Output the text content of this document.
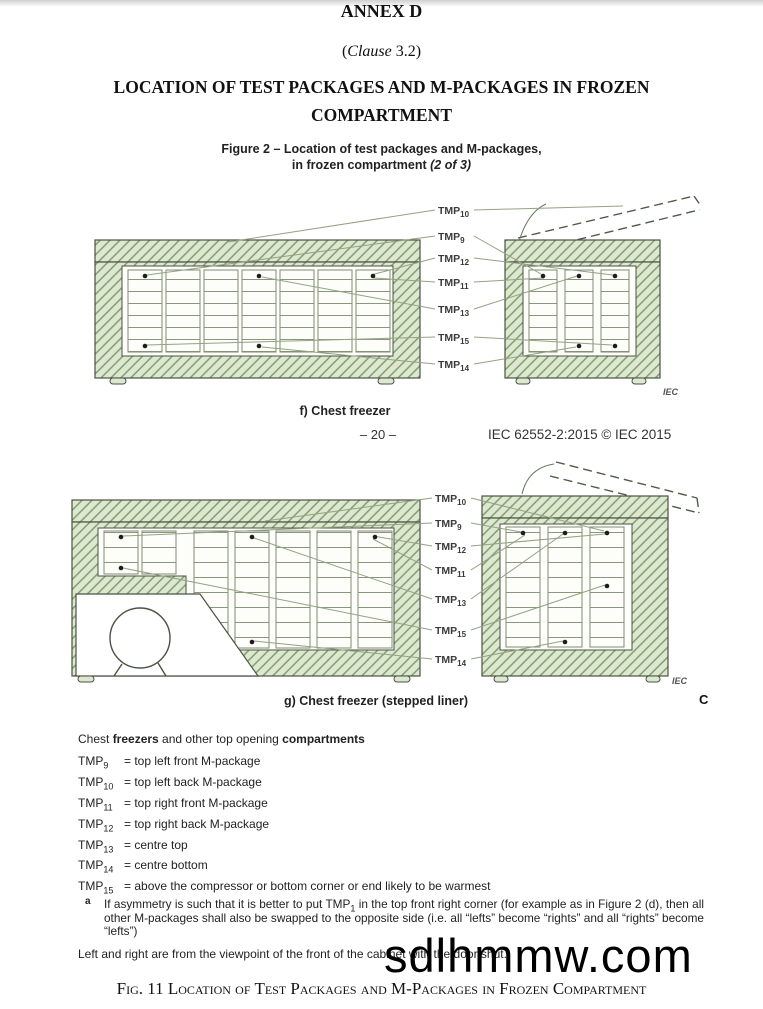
ANNEX D
(Clause 3.2)
LOCATION OF TEST PACKAGES AND M-PACKAGES IN FROZEN
COMPARTMENT
Figure 2 – Location of test packages and M-packages,
in frozen compartment (2 of 3)
$TMP_{10}$
$TMP_9$
$TMP_{12}$
$TMP_{11}$
$TMP_{13}$
$TMP_{15}$
$TMP_{14}$
IEC
f) Chest freezer
– 20 –	IEC 62552-2:2015 © IEC 2015
$TMP_{10}$
$TMP_9$
$TMP_{12}$
$TMP_{11}$
$TMP_{13}$
$TMP_{15}$
$TMP_{14}$
IEC
g) Chest freezer (stepped liner)	C
Chest freezers and other top opening compartments
$TMP_9$ = top left front M-package
$TMP_{10}$ = top left back M-package
$TMP_{11}$ = top right front M-package
$TMP_{12}$ = top right back M-package
$TMP_{13}$ = centre top
$TMP_{14}$ = centre bottom
$TMP_{15}$ = above the compressor or bottom corner or end likely to be warmest
a If asymmetry is such that it is better to put $TMP_1$ in the top front right corner (for example as in Figure 2 (d), then all other M-packages shall also be swapped to the opposite side (i.e. all “lefts” become “rights” and all “rights” become “lefts”)
Left and right are from the viewpoint of the front of the cabinet with the door shut.
sdlhmmw.com
Fig. 11 Location of Test Packages and M-Packages in Frozen Compartment
